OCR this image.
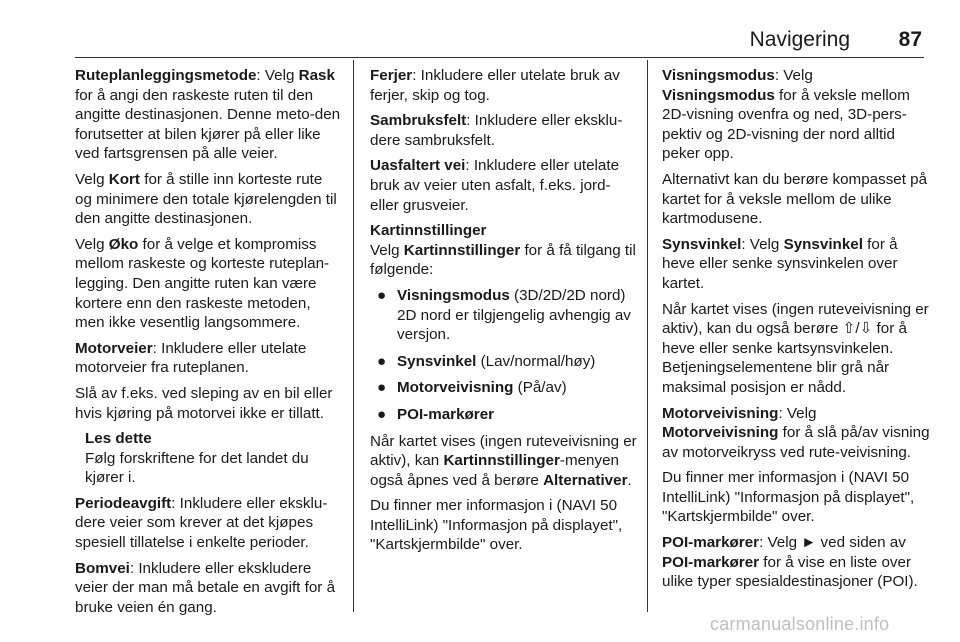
Navigering 87

Ruteplanleggingsmetode: Velg Rask for å angi den raskeste ruten til den angitte destinasjonen. Denne meto-den forutsetter at bilen kjører på eller like ved fartsgrensen på alle veier.

Velg Kort for å stille inn korteste rute og minimere den totale kjørelengden til den angitte destinasjonen.

Velg Øko for å velge et kompromiss mellom raskeste og korteste ruteplan-legging. Den angitte ruten kan være kortere enn den raskeste metoden, men ikke vesentlig langsommere.

Motorveier: Inkludere eller utelate motorveier fra ruteplanen.

Slå av f.eks. ved sleping av en bil eller hvis kjøring på motorvei ikke er tillatt.

Les dette
Følg forskriftene for det landet du kjører i.

Periodeavgift: Inkludere eller eksklu-dere veier som krever at det kjøpes spesiell tillatelse i enkelte perioder.

Bomvei: Inkludere eller ekskludere veier der man må betale en avgift for å bruke veien én gang.

Ferjer: Inkludere eller utelate bruk av ferjer, skip og tog.

Sambruksfelt: Inkludere eller eksklu-dere sambruksfelt.

Uasfaltert vei: Inkludere eller utelate bruk av veier uten asfalt, f.eks. jord- eller grusveier.

Kartinnstillinger
Velg Kartinnstillinger for å få tilgang til følgende:
● Visningsmodus (3D/2D/2D nord)
2D nord er tilgjengelig avhengig av versjon.
● Synsvinkel (Lav/normal/høy)
● Motorveivisning (På/av)
● POI-markører

Når kartet vises (ingen ruteveivisning er aktiv), kan Kartinnstillinger-menyen også åpnes ved å berøre Alternativer.

Du finner mer informasjon i (NAVI 50 IntelliLink) "Informasjon på displayet", "Kartskjermbilde" over.

Visningsmodus: Velg
Visningsmodus for å veksle mellom 2D-visning ovenfra og ned, 3D-pers-pektiv og 2D-visning der nord alltid peker opp.

Alternativt kan du berøre kompasset på kartet for å veksle mellom de ulike kartmodusene.

Synsvinkel: Velg Synsvinkel for å heve eller senke synsvinkelen over kartet.

Når kartet vises (ingen ruteveivisning er aktiv), kan du også berøre ⇧/⇩ for å heve eller senke kartsynsvinkelen. Betjeningselementene blir grå når maksimal posisjon er nådd.

Motorveivisning: Velg
Motorveivisning for å slå på/av visning av motorveikryss ved rute-veivisning.

Du finner mer informasjon i (NAVI 50 IntelliLink) "Informasjon på displayet", "Kartskjermbilde" over.

POI-markører: Velg ► ved siden av
POI-markører for å vise en liste over ulike typer spesialdestinasjoner (POI).

carmanualsonline.info
